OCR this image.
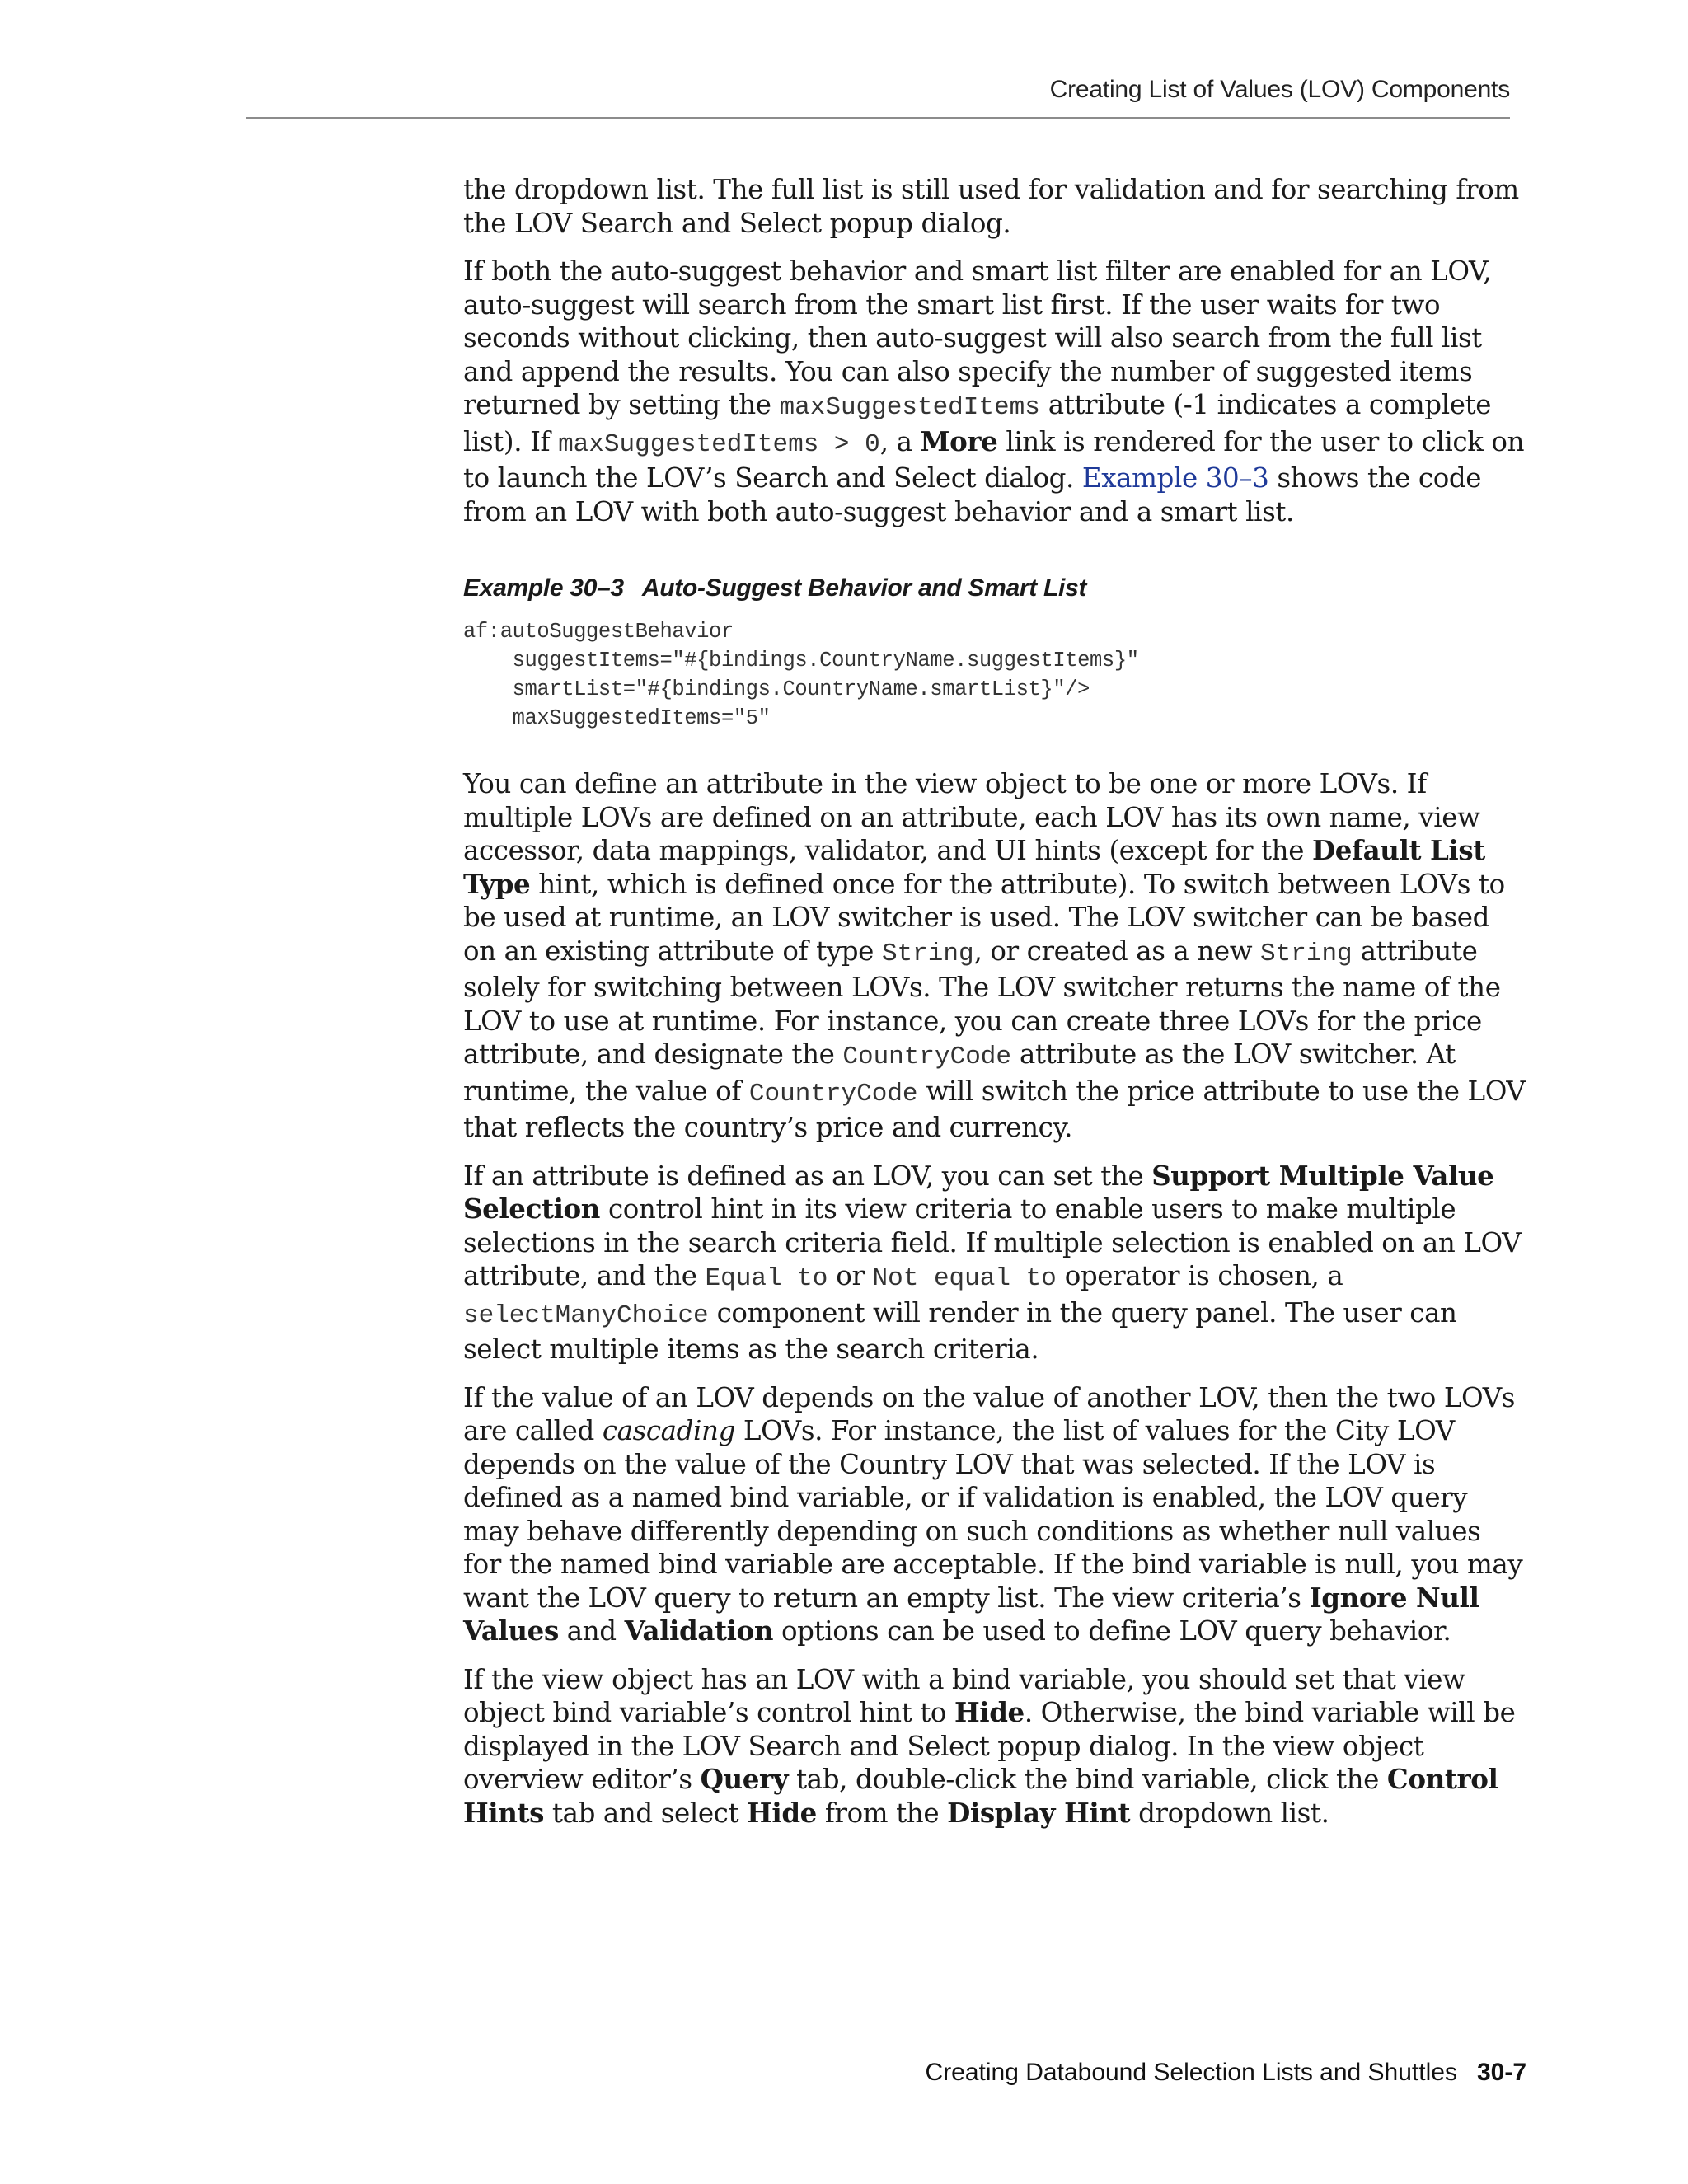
Creating List of Values (LOV) Components

the dropdown list. The full list is still used for validation and for searching from the LOV Search and Select popup dialog.

If both the auto-suggest behavior and smart list filter are enabled for an LOV, auto-suggest will search from the smart list first. If the user waits for two seconds without clicking, then auto-suggest will also search from the full list and append the results. You can also specify the number of suggested items returned by setting the maxSuggestedItems attribute (-1 indicates a complete list). If maxSuggestedItems > 0, a More link is rendered for the user to click on to launch the LOV’s Search and Select dialog. Example 30–3 shows the code from an LOV with both auto-suggest behavior and a smart list.

Example 30–3 Auto-Suggest Behavior and Smart List
af:autoSuggestBehavior
suggestItems="#{bindings.CountryName.suggestItems}"
smartList="#{bindings.CountryName.smartList}"/>
maxSuggestedItems="5"

You can define an attribute in the view object to be one or more LOVs. If multiple LOVs are defined on an attribute, each LOV has its own name, view accessor, data mappings, validator, and UI hints (except for the Default List Type hint, which is defined once for the attribute). To switch between LOVs to be used at runtime, an LOV switcher is used. The LOV switcher can be based on an existing attribute of type String, or created as a new String attribute solely for switching between LOVs. The LOV switcher returns the name of the LOV to use at runtime. For instance, you can create three LOVs for the price attribute, and designate the CountryCode attribute as the LOV switcher. At runtime, the value of CountryCode will switch the price attribute to use the LOV that reflects the country’s price and currency.

If an attribute is defined as an LOV, you can set the Support Multiple Value Selection control hint in its view criteria to enable users to make multiple selections in the search criteria field. If multiple selection is enabled on an LOV attribute, and the Equal to or Not equal to operator is chosen, a selectManyChoice component will render in the query panel. The user can select multiple items as the search criteria.

If the value of an LOV depends on the value of another LOV, then the two LOVs are called cascading LOVs. For instance, the list of values for the City LOV depends on the value of the Country LOV that was selected. If the LOV is defined as a named bind variable, or if validation is enabled, the LOV query may behave differently depending on such conditions as whether null values for the named bind variable are acceptable. If the bind variable is null, you may want the LOV query to return an empty list. The view criteria’s Ignore Null Values and Validation options can be used to define LOV query behavior.

If the view object has an LOV with a bind variable, you should set that view object bind variable’s control hint to Hide. Otherwise, the bind variable will be displayed in the LOV Search and Select popup dialog. In the view object overview editor’s Query tab, double-click the bind variable, click the Control Hints tab and select Hide from the Display Hint dropdown list.

Creating Databound Selection Lists and Shuttles 30-7
